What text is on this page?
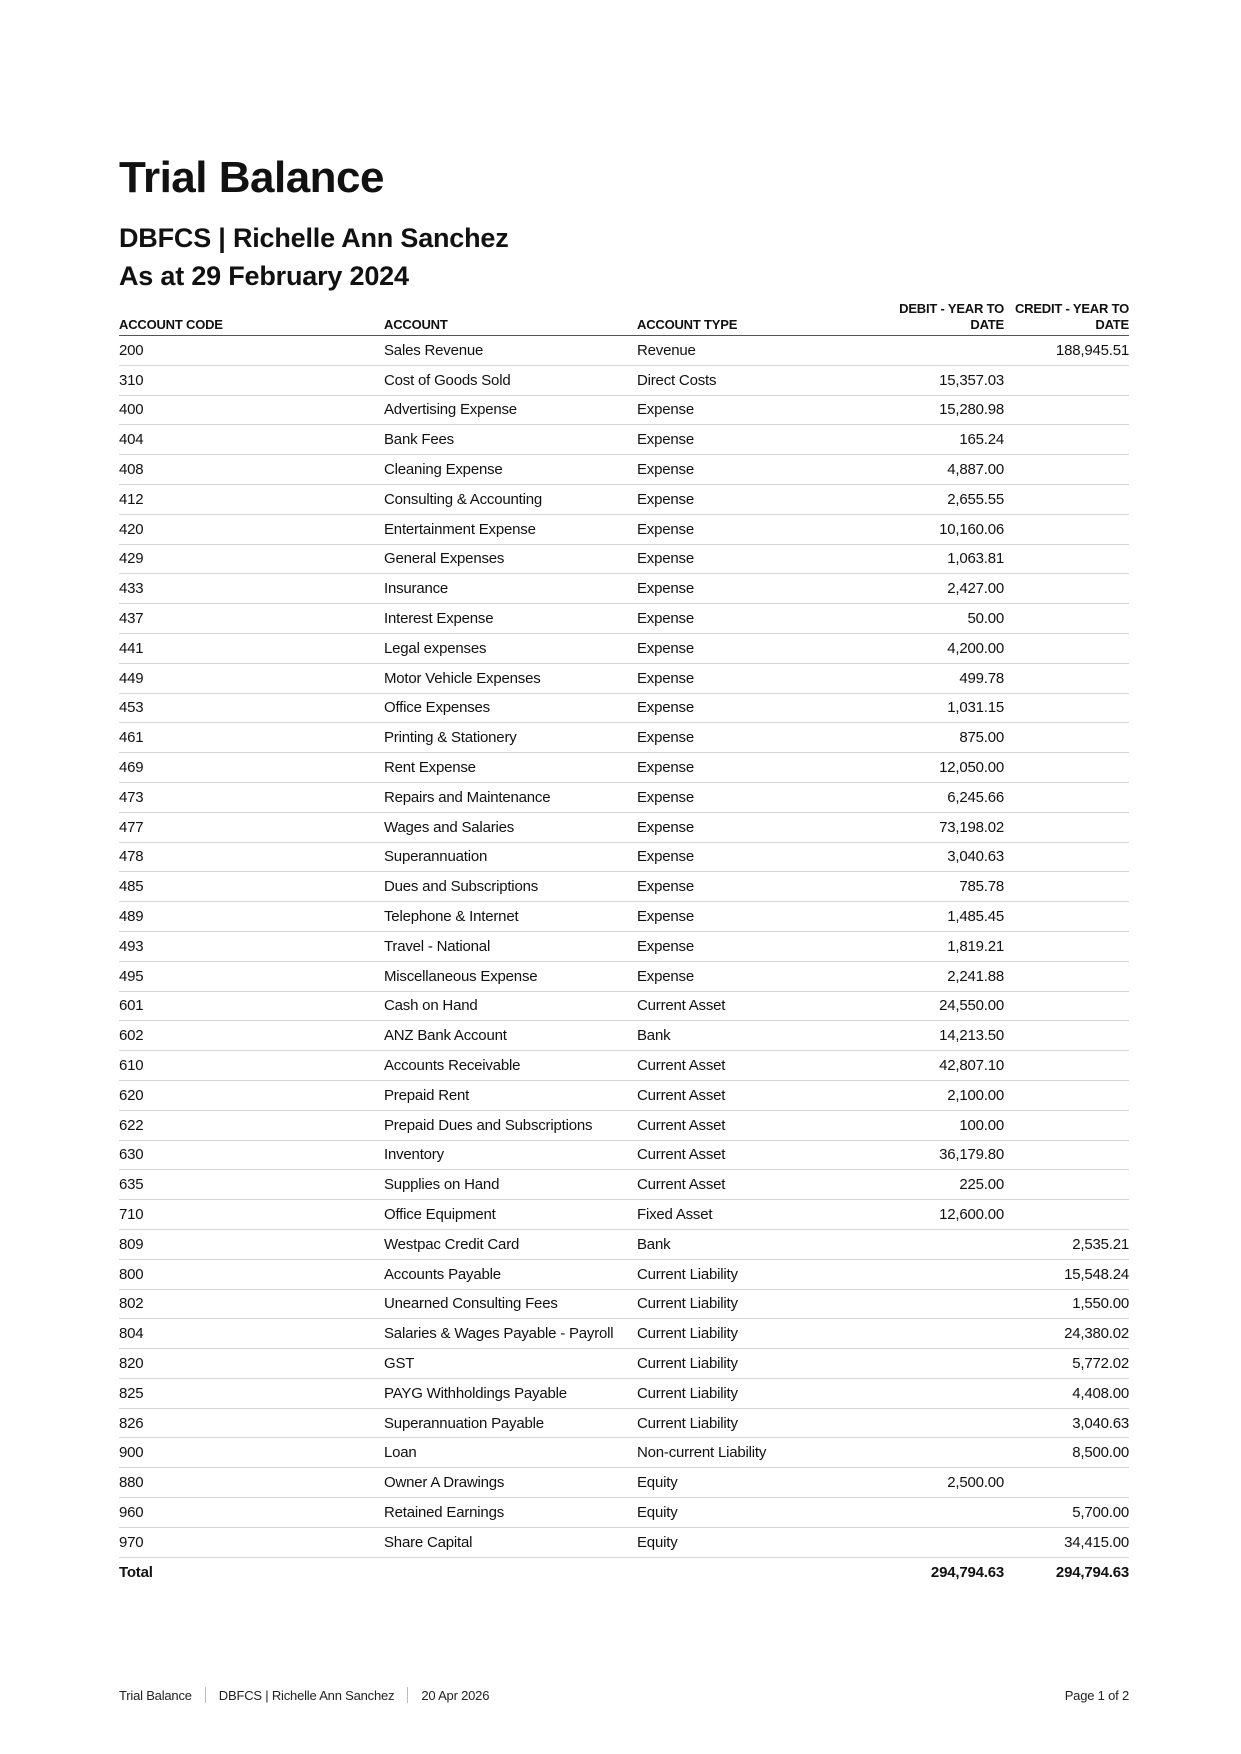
Trial Balance
DBFCS | Richelle Ann Sanchez
As at 29 February 2024
ACCOUNT CODE	ACCOUNT	ACCOUNT TYPE	DEBIT - YEAR TO DATE	CREDIT - YEAR TO DATE
200	Sales Revenue	Revenue		188,945.51
310	Cost of Goods Sold	Direct Costs	15,357.03	
400	Advertising Expense	Expense	15,280.98	
404	Bank Fees	Expense	165.24	
408	Cleaning Expense	Expense	4,887.00	
412	Consulting & Accounting	Expense	2,655.55	
420	Entertainment Expense	Expense	10,160.06	
429	General Expenses	Expense	1,063.81	
433	Insurance	Expense	2,427.00	
437	Interest Expense	Expense	50.00	
441	Legal expenses	Expense	4,200.00	
449	Motor Vehicle Expenses	Expense	499.78	
453	Office Expenses	Expense	1,031.15	
461	Printing & Stationery	Expense	875.00	
469	Rent Expense	Expense	12,050.00	
473	Repairs and Maintenance	Expense	6,245.66	
477	Wages and Salaries	Expense	73,198.02	
478	Superannuation	Expense	3,040.63	
485	Dues and Subscriptions	Expense	785.78	
489	Telephone & Internet	Expense	1,485.45	
493	Travel - National	Expense	1,819.21	
495	Miscellaneous Expense	Expense	2,241.88	
601	Cash on Hand	Current Asset	24,550.00	
602	ANZ Bank Account	Bank	14,213.50	
610	Accounts Receivable	Current Asset	42,807.10	
620	Prepaid Rent	Current Asset	2,100.00	
622	Prepaid Dues and Subscriptions	Current Asset	100.00	
630	Inventory	Current Asset	36,179.80	
635	Supplies on Hand	Current Asset	225.00	
710	Office Equipment	Fixed Asset	12,600.00	
809	Westpac Credit Card	Bank		2,535.21
800	Accounts Payable	Current Liability		15,548.24
802	Unearned Consulting Fees	Current Liability		1,550.00
804	Salaries & Wages Payable - Payroll	Current Liability		24,380.02
820	GST	Current Liability		5,772.02
825	PAYG Withholdings Payable	Current Liability		4,408.00
826	Superannuation Payable	Current Liability		3,040.63
900	Loan	Non-current Liability		8,500.00
880	Owner A Drawings	Equity	2,500.00	
960	Retained Earnings	Equity		5,700.00
970	Share Capital	Equity		34,415.00
Total			294,794.63	294,794.63
Trial Balance DBFCS | Richelle Ann Sanchez 20 Apr 2026	Page 1 of 2
